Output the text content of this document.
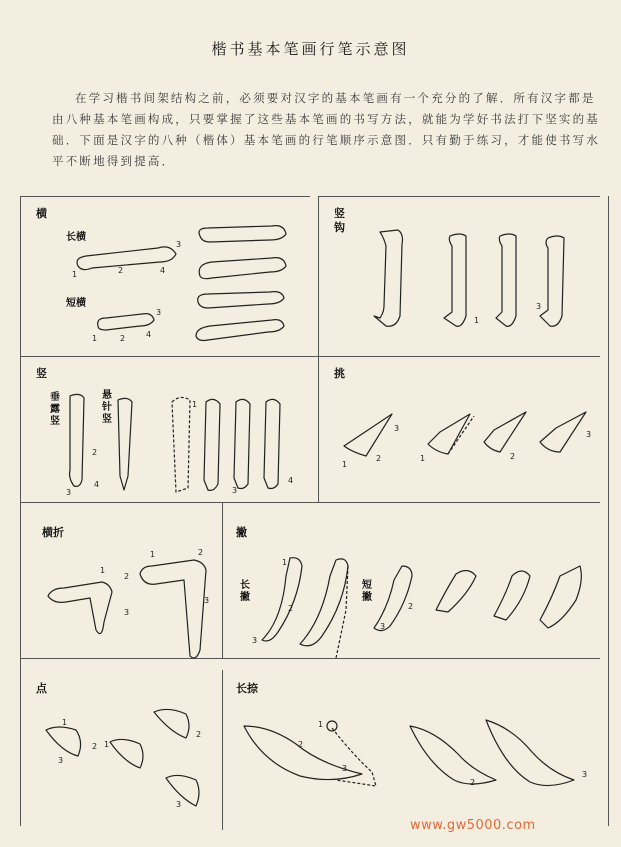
楷书基本笔画行笔示意图
在学习楷书间架结构之前，必须要对汉字的基本笔画有一个充分的了解．所有汉字都是由八种基本笔画构成，只要掌握了这些基本笔画的书写方法，就能为学好书法打下坚实的基础．下面是汉字的八种（楷体）基本笔画的行笔顺序示意图．只有勤于练习，才能使书写水平不断地得到提高．
横
长横
短横
竖
钩
竖
垂露竖
悬针竖
挑
横折	撇
长撇
短撇
点	长捺
1	2
3
4
1	2
3
4
1
3
2
3
4
1
3
4
1
2
3
1	2
3
1
2
3
1	2
3
1
2
3
2
3
1
2
3
1
2
3
1
2
3
2
3
www.gw5000.com
